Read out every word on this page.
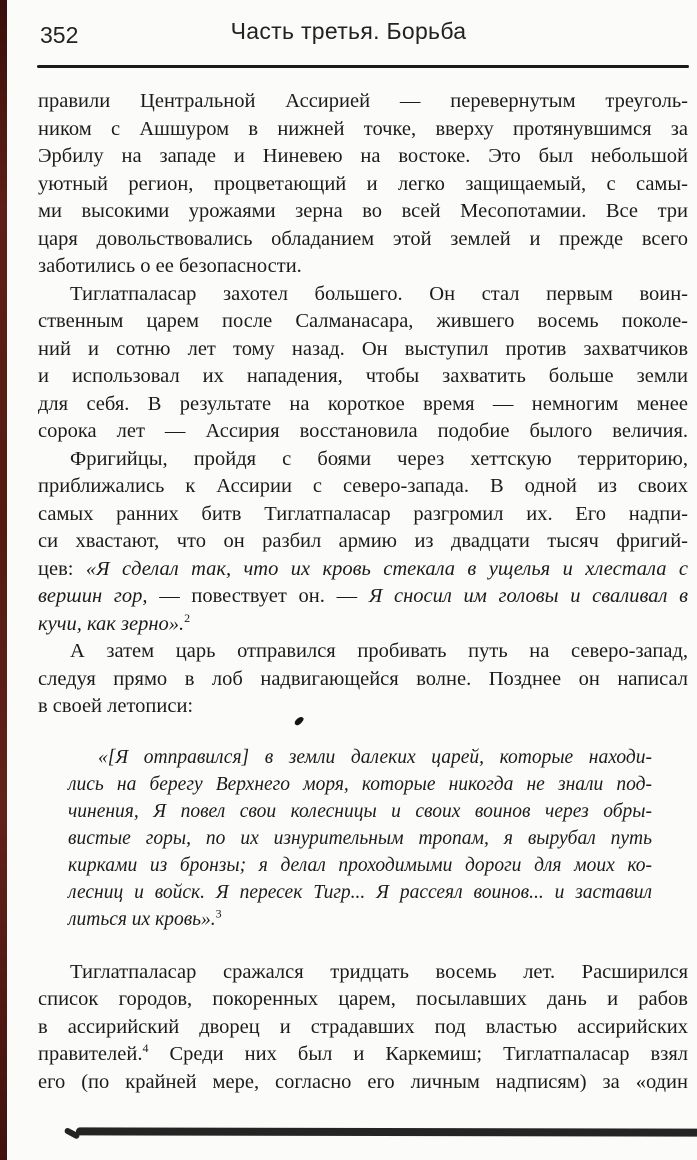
352	Часть третья. Борьба
правили Центральной Ассирией — перевернутым треуголь-
ником с Ашшуром в нижней точке, вверху протянувшимся за
Эрбилу на западе и Ниневею на востоке. Это был небольшой
уютный регион, процветающий и легко защищаемый, с самы-
ми высокими урожаями зерна во всей Месопотамии. Все три
царя довольствовались обладанием этой землей и прежде всего
заботились о ее безопасности.
Тиглатпаласар захотел большего. Он стал первым воин-
ственным царем после Салманасара, жившего восемь поколе-
ний и сотню лет тому назад. Он выступил против захватчиков
и использовал их нападения, чтобы захватить больше земли
для себя. В результате на короткое время — немногим менее
сорока лет — Ассирия восстановила подобие былого величия.
Фригийцы, пройдя с боями через хеттскую территорию,
приближались к Ассирии с северо-запада. В одной из своих
самых ранних битв Тиглатпаласар разгромил их. Его надпи-
си хвастают, что он разбил армию из двадцати тысяч фригий-
цев: «Я сделал так, что их кровь стекала в ущелья и хлестала с
вершин гор, — повествует он. — Я сносил им головы и сваливал в
кучи, как зерно».$^2$
А затем царь отправился пробивать путь на северо-запад,
следуя прямо в лоб надвигающейся волне. Позднее он написал
в своей летописи:
«[Я отправился] в земли далеких царей, которые находи-
лись на берегу Верхнего моря, которые никогда не знали под-
чинения, Я повел свои колесницы и своих воинов через обры-
вистые горы, по их изнурительным тропам, я вырубал путь
кирками из бронзы; я делал проходимыми дороги для моих ко-
лесниц и войск. Я пересек Тигр... Я рассеял воинов... и заставил
литься их кровь».$^3$
Тиглатпаласар сражался тридцать восемь лет. Расширился
список городов, покоренных царем, посылавших дань и рабов
в ассирийский дворец и страдавших под властью ассирийских
правителей.$^4$ Среди них был и Каркемиш; Тиглатпаласар взял
его (по крайней мере, согласно его личным надписям) за «один
